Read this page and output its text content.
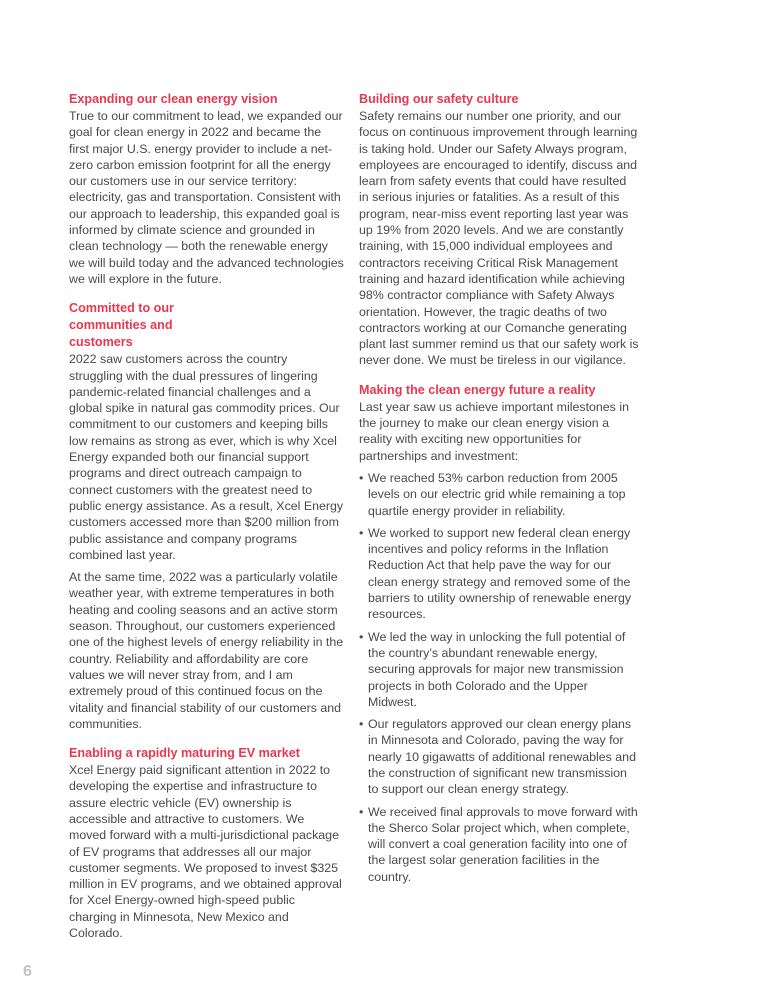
Expanding our clean energy vision

True to our commitment to lead, we expanded our goal for clean energy in 2022 and became the first major U.S. energy provider to include a net-zero carbon emission footprint for all the energy our customers use in our service territory: electricity, gas and transportation. Consistent with our approach to leadership, this expanded goal is informed by climate science and grounded in clean technology — both the renewable energy we will build today and the advanced technologies we will explore in the future.

Committed to our communities and customers

2022 saw customers across the country struggling with the dual pressures of lingering pandemic-related financial challenges and a global spike in natural gas commodity prices. Our commitment to our customers and keeping bills low remains as strong as ever, which is why Xcel Energy expanded both our financial support programs and direct outreach campaign to connect customers with the greatest need to public energy assistance. As a result, Xcel Energy customers accessed more than $200 million from public assistance and company programs combined last year.

At the same time, 2022 was a particularly volatile weather year, with extreme temperatures in both heating and cooling seasons and an active storm season. Throughout, our customers experienced one of the highest levels of energy reliability in the country. Reliability and affordability are core values we will never stray from, and I am extremely proud of this continued focus on the vitality and financial stability of our customers and communities.

Enabling a rapidly maturing EV market

Xcel Energy paid significant attention in 2022 to developing the expertise and infrastructure to assure electric vehicle (EV) ownership is accessible and attractive to customers. We moved forward with a multi-jurisdictional package of EV programs that addresses all our major customer segments. We proposed to invest $325 million in EV programs, and we obtained approval for Xcel Energy-owned high-speed public charging in Minnesota, New Mexico and Colorado.

Building our safety culture

Safety remains our number one priority, and our focus on continuous improvement through learning is taking hold. Under our Safety Always program, employees are encouraged to identify, discuss and learn from safety events that could have resulted in serious injuries or fatalities. As a result of this program, near-miss event reporting last year was up 19% from 2020 levels. And we are constantly training, with 15,000 individual employees and contractors receiving Critical Risk Management training and hazard identification while achieving 98% contractor compliance with Safety Always orientation. However, the tragic deaths of two contractors working at our Comanche generating plant last summer remind us that our safety work is never done. We must be tireless in our vigilance.

Making the clean energy future a reality

Last year saw us achieve important milestones in the journey to make our clean energy vision a reality with exciting new opportunities for partnerships and investment:

• We reached 53% carbon reduction from 2005 levels on our electric grid while remaining a top quartile energy provider in reliability.
• We worked to support new federal clean energy incentives and policy reforms in the Inflation Reduction Act that help pave the way for our clean energy strategy and removed some of the barriers to utility ownership of renewable energy resources.
• We led the way in unlocking the full potential of the country’s abundant renewable energy, securing approvals for major new transmission projects in both Colorado and the Upper Midwest.
• Our regulators approved our clean energy plans in Minnesota and Colorado, paving the way for nearly 10 gigawatts of additional renewables and the construction of significant new transmission to support our clean energy strategy.
• We received final approvals to move forward with the Sherco Solar project which, when complete, will convert a coal generation facility into one of the largest solar generation facilities in the country.
6
